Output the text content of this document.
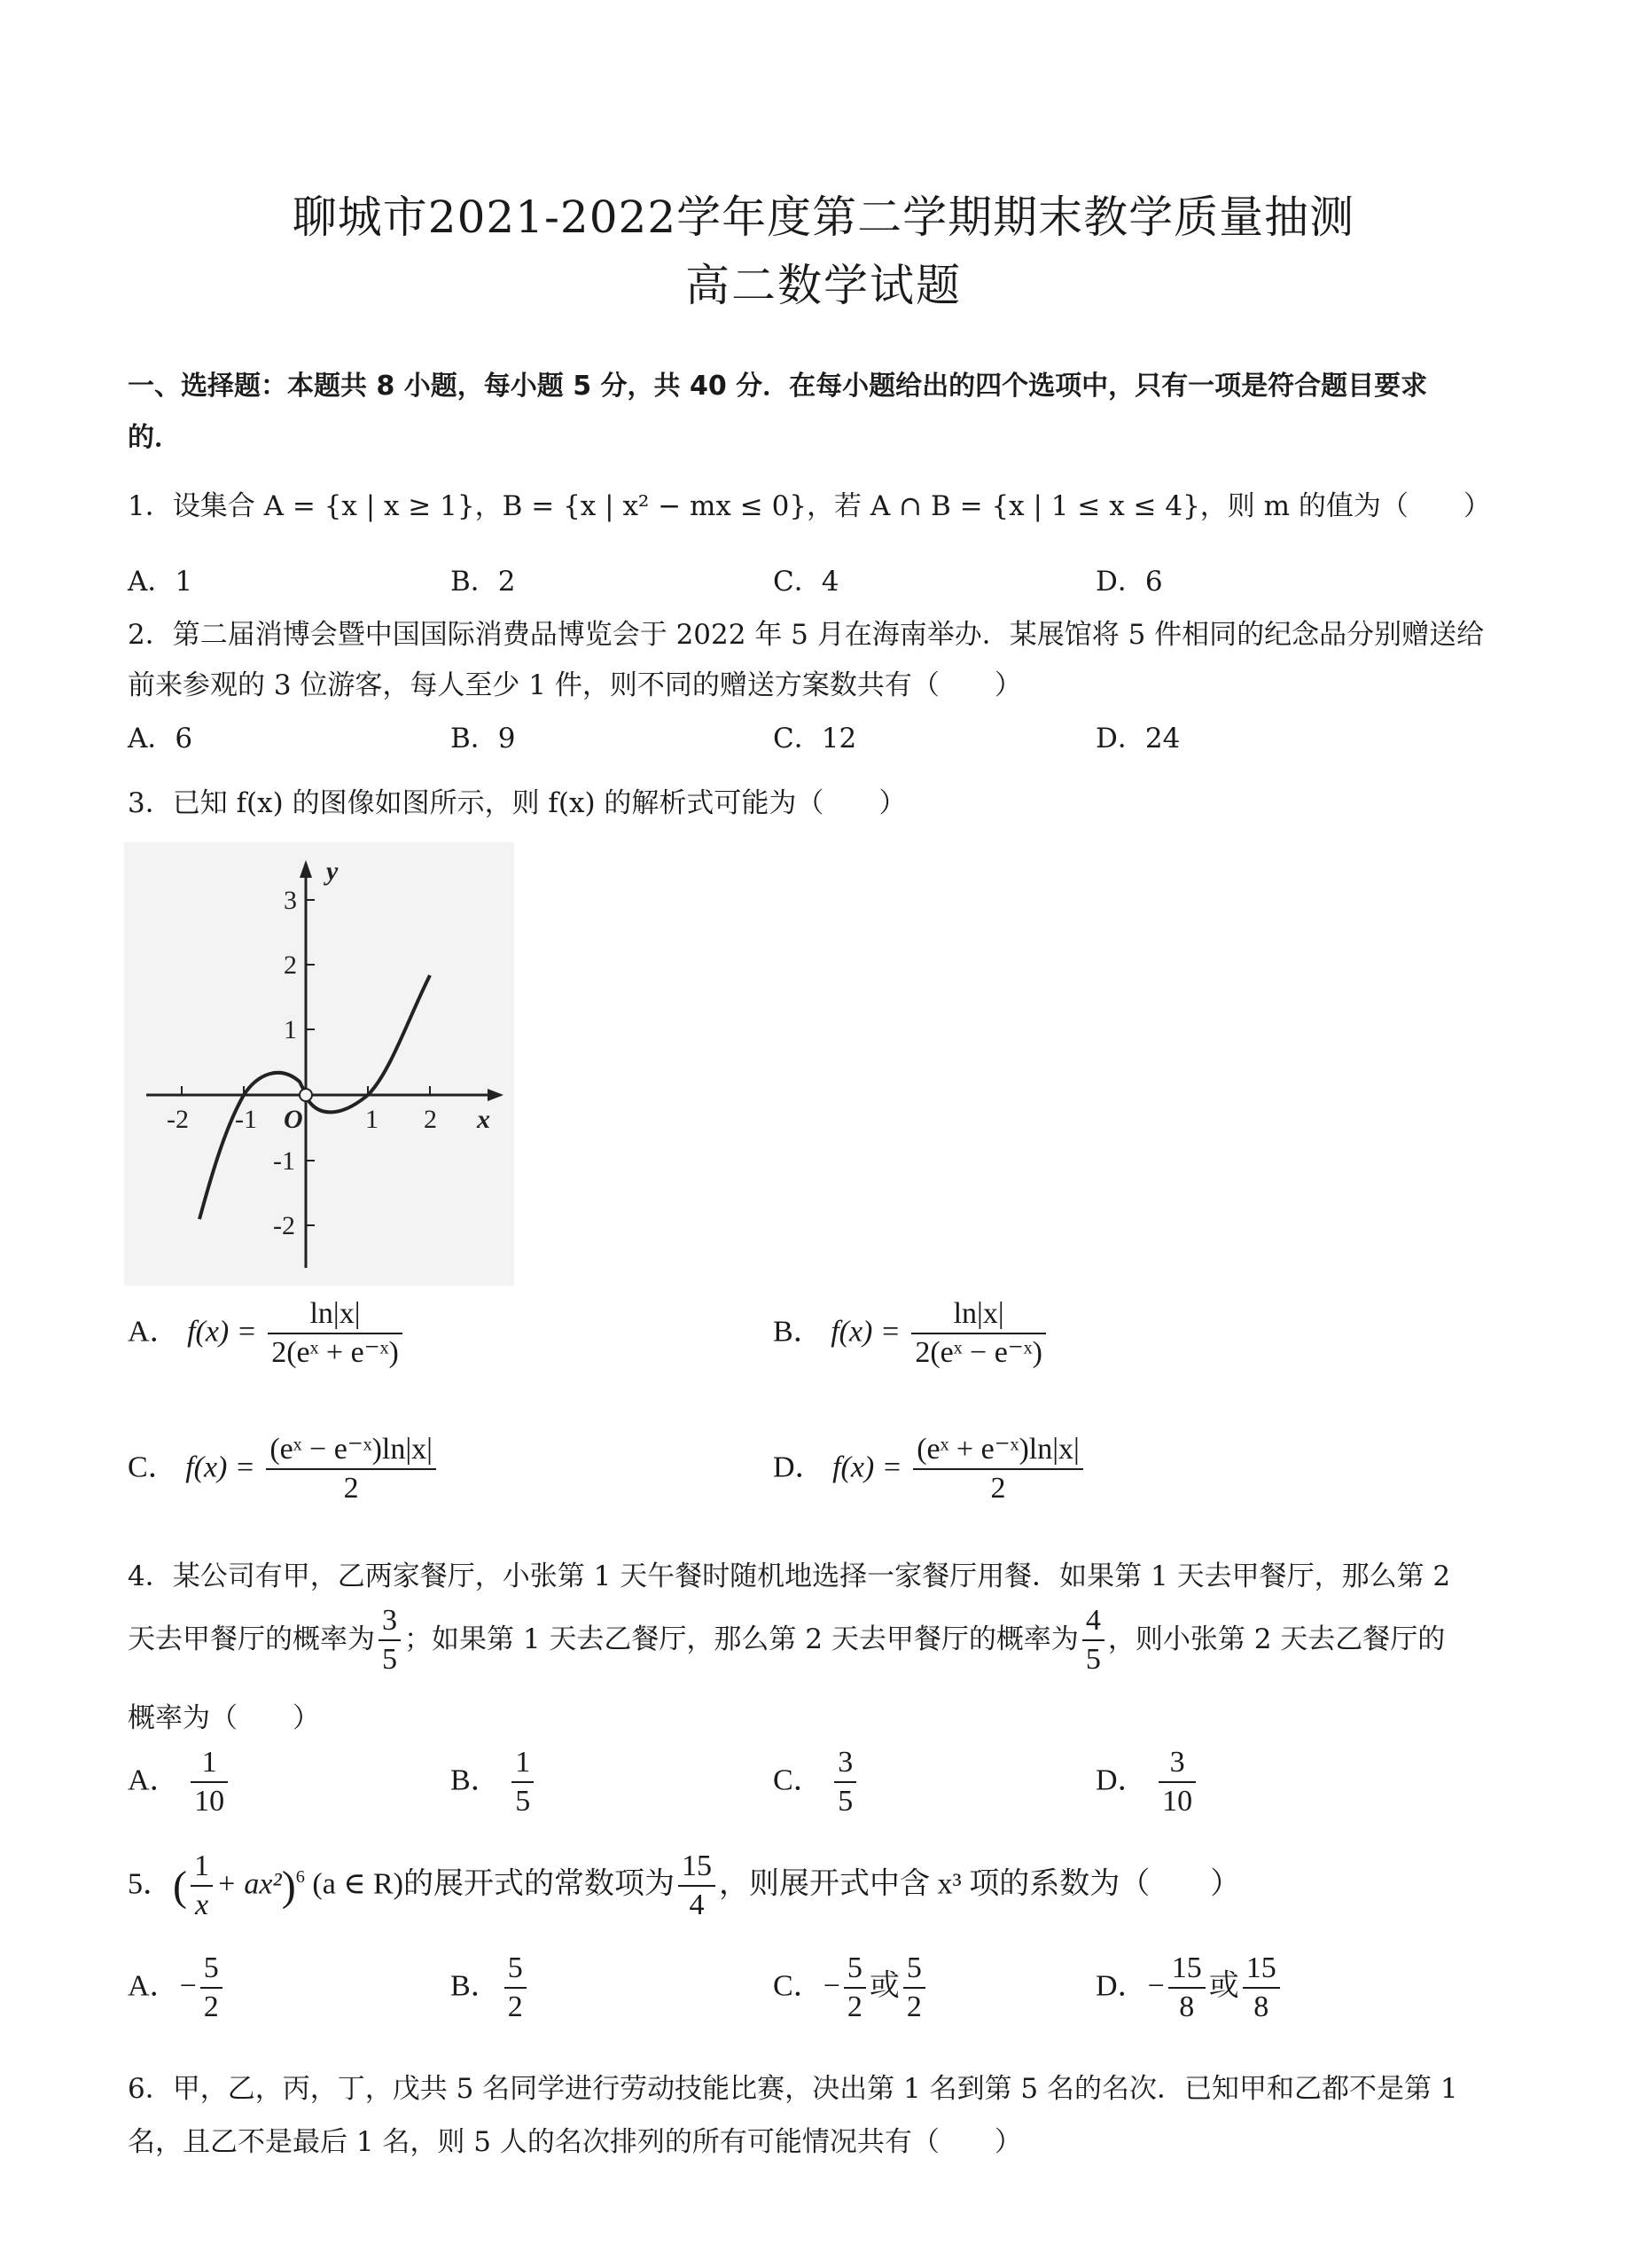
聊城市2021-2022学年度第二学期期末教学质量抽测
高二数学试题
一、选择题：本题共 8 小题，每小题 5 分，共 40 分．在每小题给出的四个选项中，只有一项是符合题目要求
的．
1．设集合 A = {x | x ≥ 1}，B = {x | x² − mx ≤ 0}，若 A ∩ B = {x | 1 ≤ x ≤ 4}，则 m 的值为（　　）
A．1	B．2	C．4	D．6
2．第二届消博会暨中国国际消费品博览会于 2022 年 5 月在海南举办．某展馆将 5 件相同的纪念品分别赠送给
前来参观的 3 位游客，每人至少 1 件，则不同的赠送方案数共有（　　）
A．6	B．9	C．12	D．24
3．已知 f(x) 的图像如图所示，则 f(x) 的解析式可能为（　　）
y
x
O
-2 -1	1 2
3
2
1
-1
-2
A． $f(x) = \frac{\ln|x|}{\text{2(eˣ + e⁻ˣ)}}$	B． $f(x) = \frac{\ln|x|}{\text{2(eˣ − e⁻ˣ)}}$
C． $f(x) = \frac{\text{(eˣ − e⁻ˣ)ln|x|}}{2}$	D． $f(x) = \frac{\text{(eˣ + e⁻ˣ)ln|x|}}{2}$
4．某公司有甲，乙两家餐厅，小张第 1 天午餐时随机地选择一家餐厅用餐．如果第 1 天去甲餐厅，那么第 2
天去甲餐厅的概率为 $\frac{3}{5}$ ；如果第 1 天去乙餐厅，那么第 2 天去甲餐厅的概率为 $\frac{4}{5}$ ，则小张第 2 天去乙餐厅的
概率为（　　）
A． $\frac{1}{10}$	B． $\frac{1}{5}$	C． $\frac{3}{5}$	D． $\frac{3}{10}$
5．( $\frac{1}{x} + ax^2)^6$ (a ∈ R)的展开式的常数项为 $\frac{15}{4}$ ，则展开式中含 x³ 项的系数为（　　）
A．− $\frac{5}{2}$	B． $\frac{5}{2}$	C．− $\frac{5}{2}$ 或 $\frac{5}{2}$	D．− $\frac{15}{8}$ 或 $\frac{15}{8}$
6．甲，乙，丙，丁，戊共 5 名同学进行劳动技能比赛，决出第 1 名到第 5 名的名次．已知甲和乙都不是第 1
名，且乙不是最后 1 名，则 5 人的名次排列的所有可能情况共有（　　）
